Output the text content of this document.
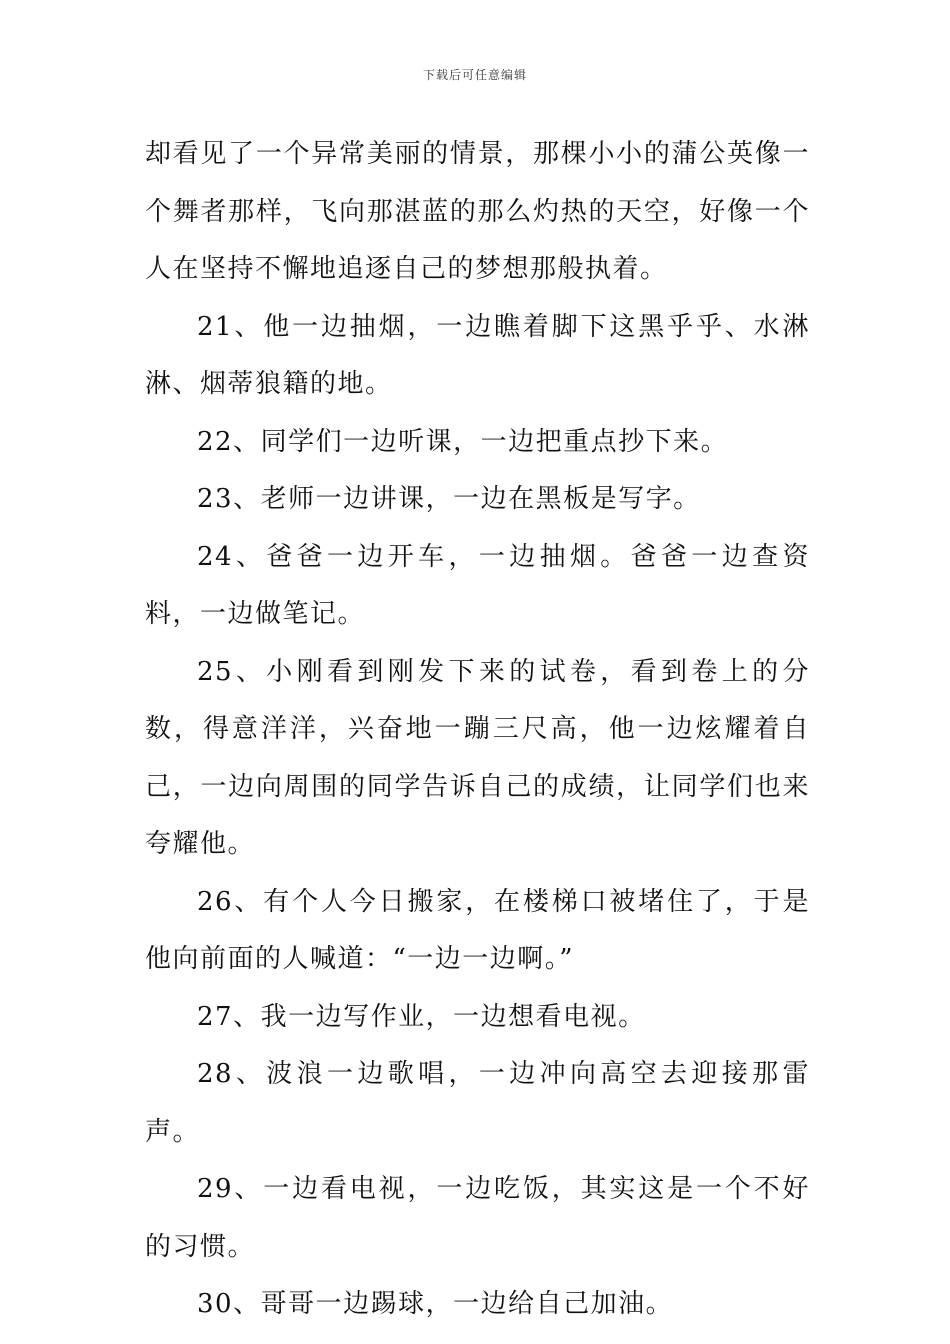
下载后可任意编辑

却看见了一个异常美丽的情景，那棵小小的蒲公英像一个舞者那样，飞向那湛蓝的那么灼热的天空，好像一个人在坚持不懈地追逐自己的梦想那般执着。

21、他一边抽烟，一边瞧着脚下这黑乎乎、水淋淋、烟蒂狼籍的地。

22、同学们一边听课，一边把重点抄下来。

23、老师一边讲课，一边在黑板是写字。

24、爸爸一边开车，一边抽烟。爸爸一边查资料，一边做笔记。

25、小刚看到刚发下来的试卷，看到卷上的分数，得意洋洋，兴奋地一蹦三尺高，他一边炫耀着自己，一边向周围的同学告诉自己的成绩，让同学们也来夸耀他。

26、有个人今日搬家，在楼梯口被堵住了，于是他向前面的人喊道：“一边一边啊。”

27、我一边写作业，一边想看电视。

28、波浪一边歌唱，一边冲向高空去迎接那雷声。

29、一边看电视，一边吃饭，其实这是一个不好的习惯。

30、哥哥一边踢球，一边给自己加油。
